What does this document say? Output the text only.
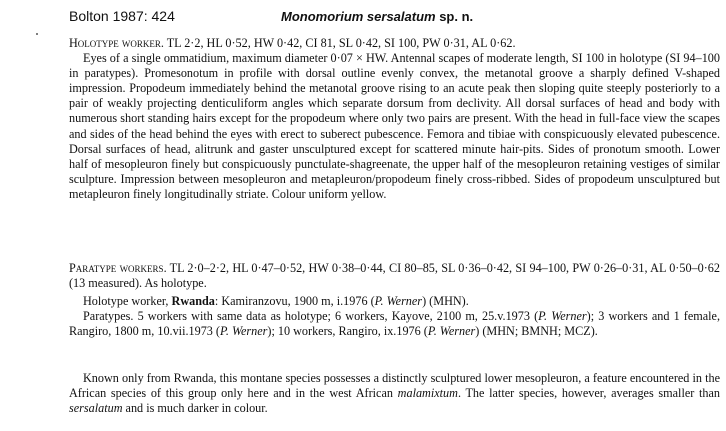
Bolton 1987: 424	Monomorium sersalatum sp. n.

Holotype worker. TL 2·2, HL 0·52, HW 0·42, CI 81, SL 0·42, SI 100, PW 0·31, AL 0·62.

Eyes of a single ommatidium, maximum diameter 0·07 × HW. Antennal scapes of moderate length, SI 100 in holotype (SI 94–100 in paratypes). Promesonotum in profile with dorsal outline evenly convex, the metanotal groove a sharply defined V-shaped impression. Propodeum immediately behind the metanotal groove rising to an acute peak then sloping quite steeply posteriorly to a pair of weakly projecting denticuliform angles which separate dorsum from declivity. All dorsal surfaces of head and body with numerous short standing hairs except for the propodeum where only two pairs are present. With the head in full-face view the scapes and sides of the head behind the eyes with erect to suberect pubescence. Femora and tibiae with conspicuously elevated pubescence. Dorsal surfaces of head, alitrunk and gaster unsculptured except for scattered minute hair-pits. Sides of pronotum smooth. Lower half of mesopleuron finely but conspicuously punctulate-shagreenate, the upper half of the mesopleuron retaining vestiges of similar sculpture. Impression between mesopleuron and metapleuron/propodeum finely cross-ribbed. Sides of propodeum unsculptured but metapleuron finely longitudinally striate. Colour uniform yellow.

Paratype workers. TL 2·0–2·2, HL 0·47–0·52, HW 0·38–0·44, CI 80–85, SL 0·36–0·42, SI 94–100, PW 0·26–0·31, AL 0·50–0·62 (13 measured). As holotype.

Holotype worker, Rwanda: Kamiranzovu, 1900 m, i.1976 (P. Werner) (MHN).

Paratypes. 5 workers with same data as holotype; 6 workers, Kayove, 2100 m, 25.v.1973 (P. Werner); 3 workers and 1 female, Rangiro, 1800 m, 10.vii.1973 (P. Werner); 10 workers, Rangiro, ix.1976 (P. Werner) (MHN; BMNH; MCZ).

Known only from Rwanda, this montane species possesses a distinctly sculptured lower mesopleuron, a feature encountered in the African species of this group only here and in the west African malamixtum. The latter species, however, averages smaller than sersalatum and is much darker in colour.
